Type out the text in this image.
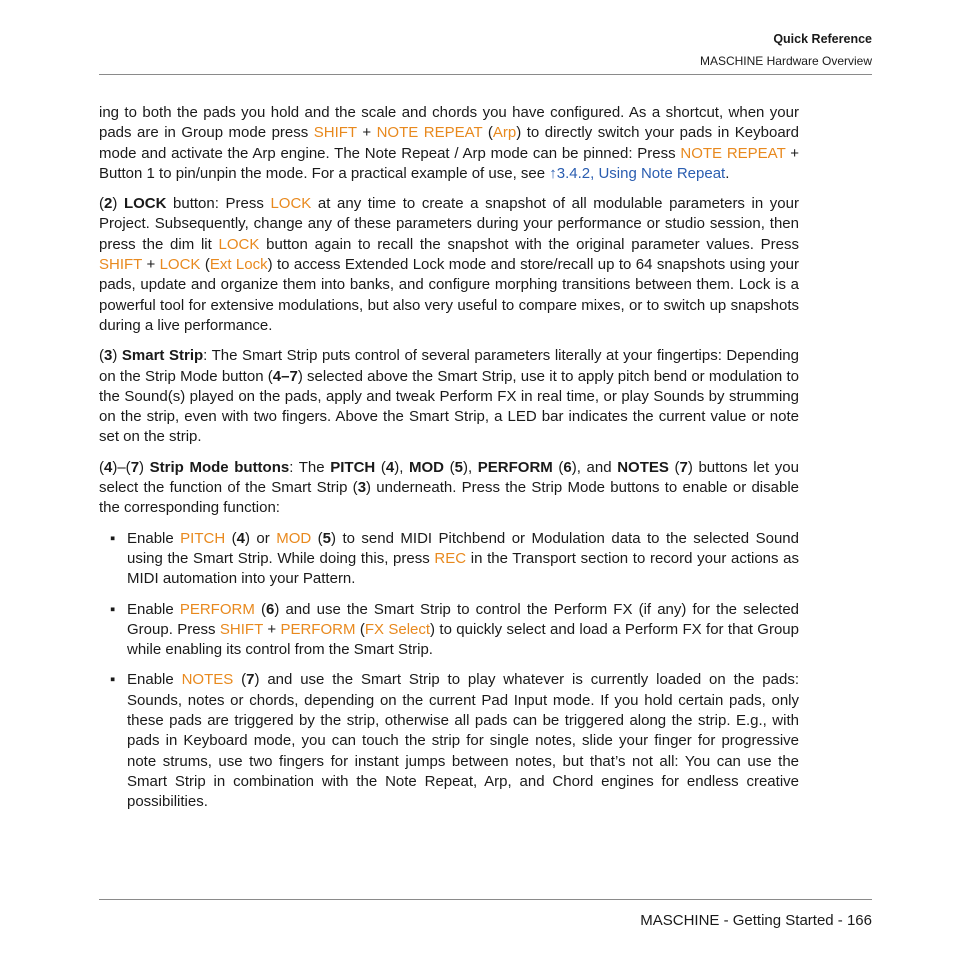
Quick Reference
MASCHINE Hardware Overview

ing to both the pads you hold and the scale and chords you have configured. As a shortcut, when your pads are in Group mode press SHIFT + NOTE REPEAT (Arp) to directly switch your pads in Keyboard mode and activate the Arp engine. The Note Repeat / Arp mode can be pinned: Press NOTE REPEAT + Button 1 to pin/unpin the mode. For a practical example of use, see ↑3.4.2, Using Note Repeat.

(2) LOCK button: Press LOCK at any time to create a snapshot of all modulable parameters in your Project. Subsequently, change any of these parameters during your performance or studio session, then press the dim lit LOCK button again to recall the snapshot with the original parameter values. Press SHIFT + LOCK (Ext Lock) to access Extended Lock mode and store/recall up to 64 snapshots using your pads, update and organize them into banks, and configure morphing transitions between them. Lock is a powerful tool for extensive modulations, but also very useful to compare mixes, or to switch up snapshots during a live performance.

(3) Smart Strip: The Smart Strip puts control of several parameters literally at your fingertips: Depending on the Strip Mode button (4–7) selected above the Smart Strip, use it to apply pitch bend or modulation to the Sound(s) played on the pads, apply and tweak Perform FX in real time, or play Sounds by strumming on the strip, even with two fingers. Above the Smart Strip, a LED bar indicates the current value or note set on the strip.

(4)–(7) Strip Mode buttons: The PITCH (4), MOD (5), PERFORM (6), and NOTES (7) buttons let you select the function of the Smart Strip (3) underneath. Press the Strip Mode buttons to enable or disable the corresponding function:

▪ Enable PITCH (4) or MOD (5) to send MIDI Pitchbend or Modulation data to the selected Sound using the Smart Strip. While doing this, press REC in the Transport section to record your actions as MIDI automation into your Pattern.
▪ Enable PERFORM (6) and use the Smart Strip to control the Perform FX (if any) for the selected Group. Press SHIFT + PERFORM (FX Select) to quickly select and load a Perform FX for that Group while enabling its control from the Smart Strip.
▪ Enable NOTES (7) and use the Smart Strip to play whatever is currently loaded on the pads: Sounds, notes or chords, depending on the current Pad Input mode. If you hold certain pads, only these pads are triggered by the strip, otherwise all pads can be triggered along the strip. E.g., with pads in Keyboard mode, you can touch the strip for single notes, slide your finger for progressive note strums, use two fingers for instant jumps between notes, but that’s not all: You can use the Smart Strip in combination with the Note Repeat, Arp, and Chord engines for endless creative possibilities.
MASCHINE - Getting Started - 166
